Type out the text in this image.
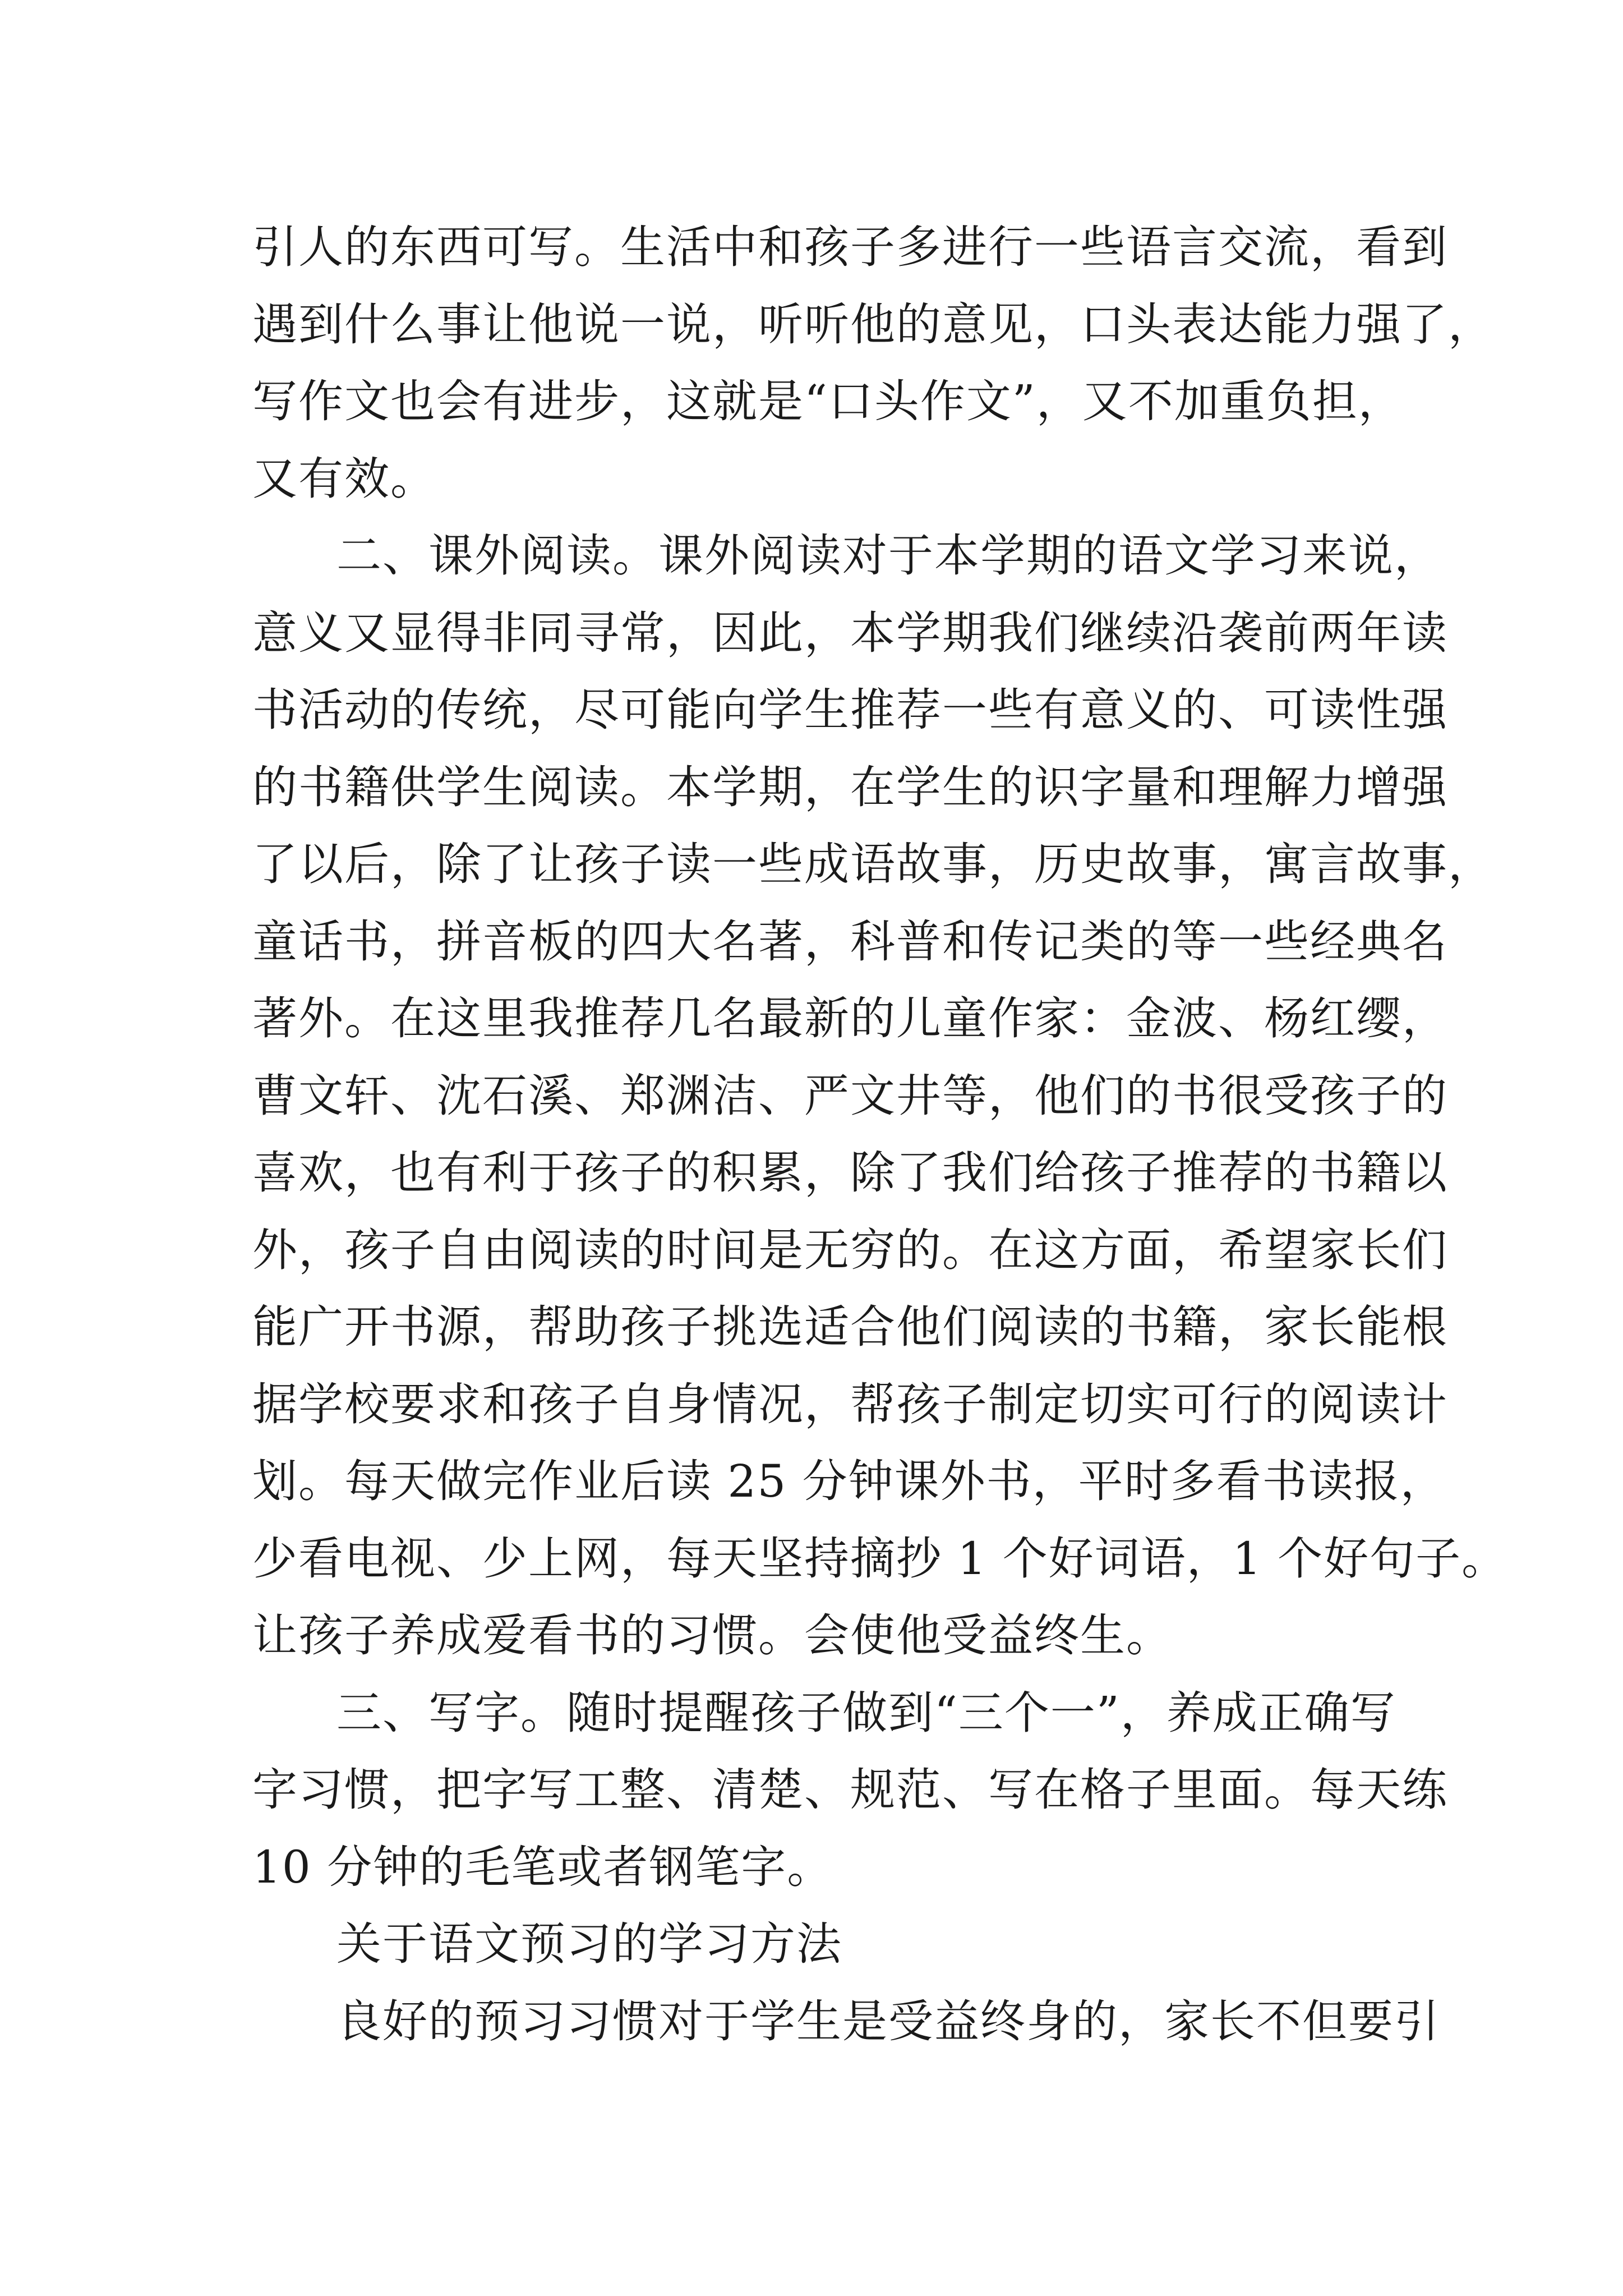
引人的东西可写。生活中和孩子多进行一些语言交流，看到
遇到什么事让他说一说，听听他的意见，口头表达能力强了，
写作文也会有进步，这就是“口头作文”，又不加重负担，
又有效。
二、课外阅读。课外阅读对于本学期的语文学习来说，
意义又显得非同寻常，因此，本学期我们继续沿袭前两年读
书活动的传统，尽可能向学生推荐一些有意义的、可读性强
的书籍供学生阅读。本学期，在学生的识字量和理解力增强
了以后，除了让孩子读一些成语故事，历史故事，寓言故事，
童话书，拼音板的四大名著，科普和传记类的等一些经典名
著外。在这里我推荐几名最新的儿童作家：金波、杨红缨，
曹文轩、沈石溪、郑渊洁、严文井等，他们的书很受孩子的
喜欢，也有利于孩子的积累，除了我们给孩子推荐的书籍以
外，孩子自由阅读的时间是无穷的。在这方面，希望家长们
能广开书源，帮助孩子挑选适合他们阅读的书籍，家长能根
据学校要求和孩子自身情况，帮孩子制定切实可行的阅读计
划。每天做完作业后读 25 分钟课外书，平时多看书读报，
少看电视、少上网，每天坚持摘抄 1 个好词语，1 个好句子。
让孩子养成爱看书的习惯。会使他受益终生。
三、写字。随时提醒孩子做到“三个一”，养成正确写
字习惯，把字写工整、清楚、规范、写在格子里面。每天练
10 分钟的毛笔或者钢笔字。
关于语文预习的学习方法
良好的预习习惯对于学生是受益终身的，家长不但要引
